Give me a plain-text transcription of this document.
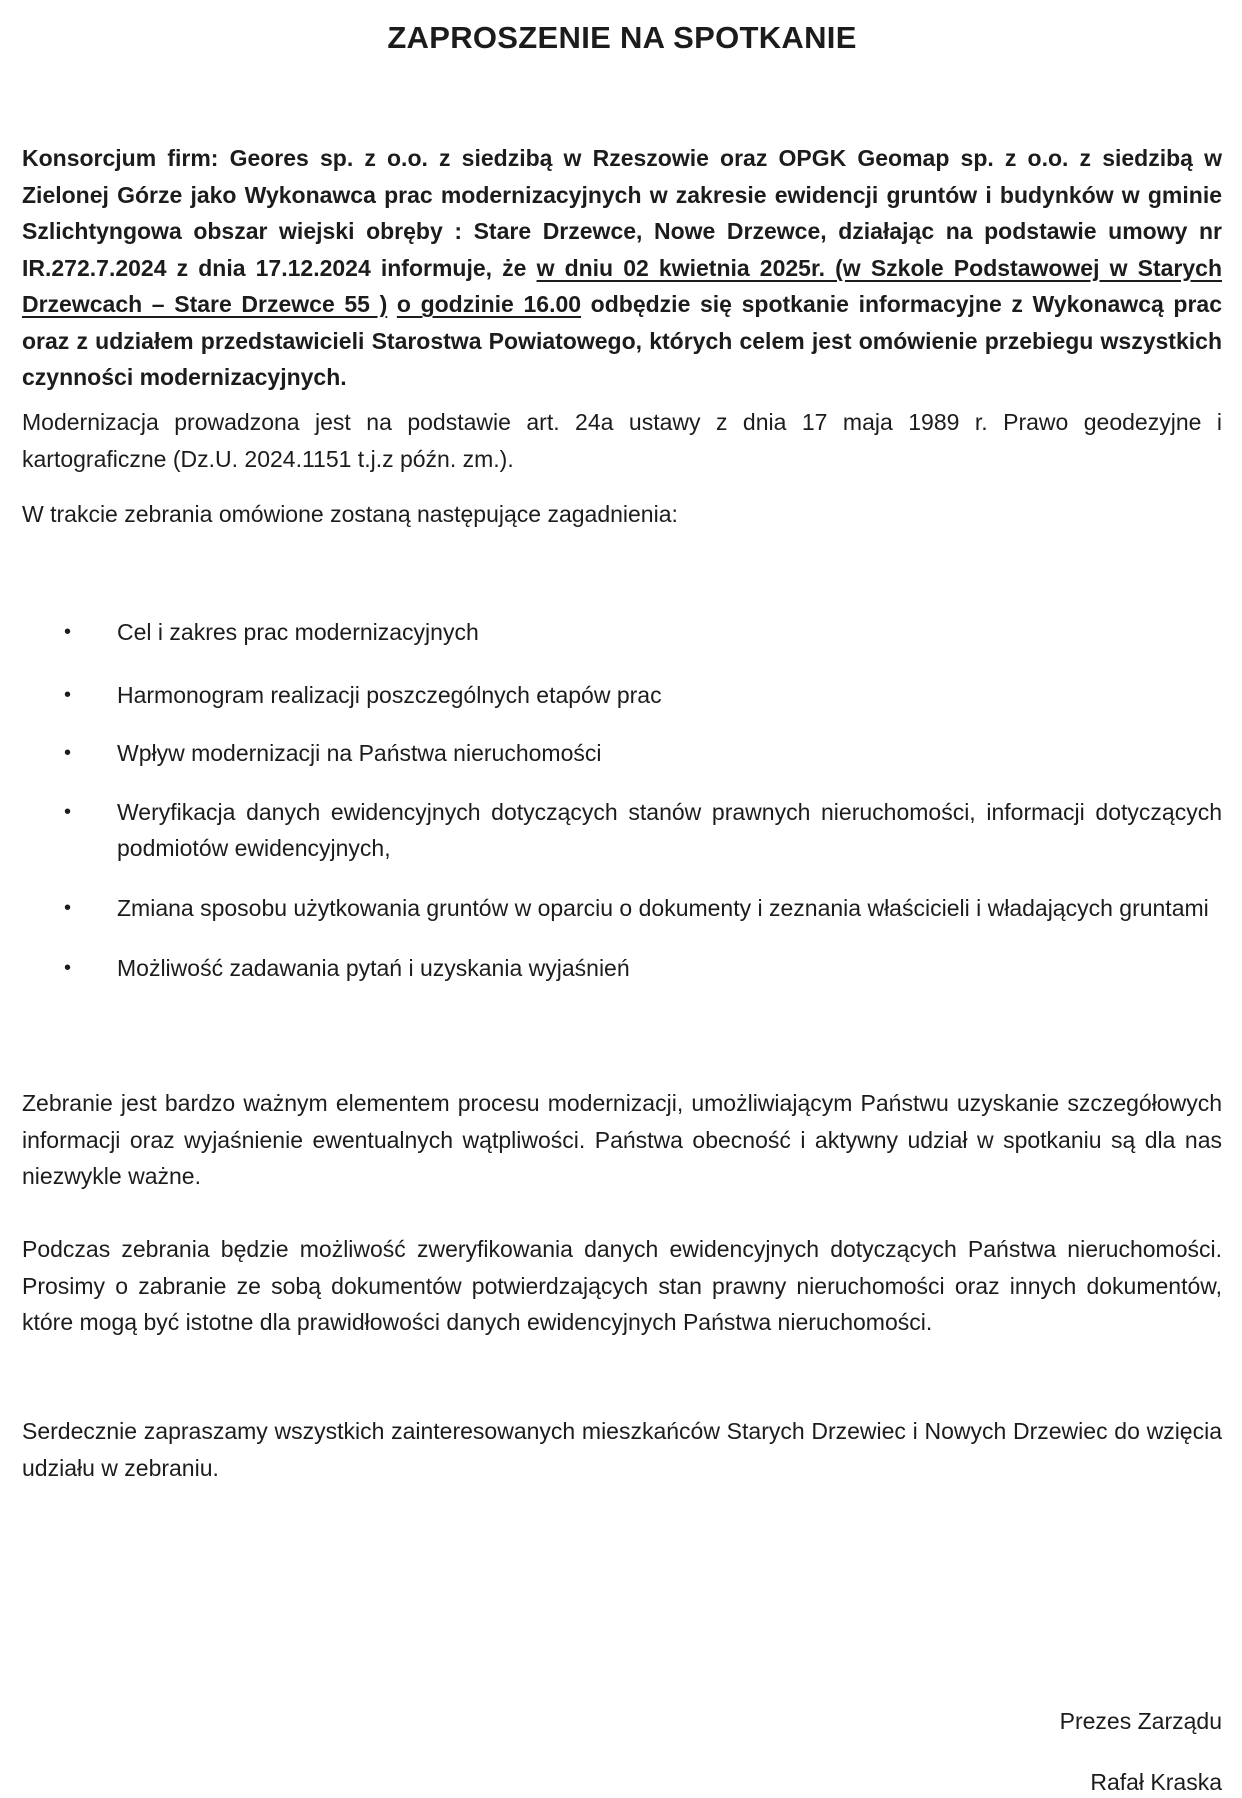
ZAPROSZENIE NA SPOTKANIE

Konsorcjum firm: Geores sp. z o.o. z siedzibą w Rzeszowie oraz OPGK Geomap sp. z o.o. z siedzibą w Zielonej Górze jako Wykonawca prac modernizacyjnych w zakresie ewidencji gruntów i budynków w gminie Szlichtyngowa obszar wiejski obręby : Stare Drzewce, Nowe Drzewce, działając na podstawie umowy nr IR.272.7.2024 z dnia 17.12.2024 informuje, że w dniu 02 kwietnia 2025r. (w Szkole Podstawowej w Starych Drzewcach – Stare Drzewce 55 ) o godzinie 16.00 odbędzie się spotkanie informacyjne z Wykonawcą prac oraz z udziałem przedstawicieli Starostwa Powiatowego, których celem jest omówienie przebiegu wszystkich czynności modernizacyjnych.

Modernizacja prowadzona jest na podstawie art. 24a ustawy z dnia 17 maja 1989 r. Prawo geodezyjne i kartograficzne (Dz.U. 2024.1151 t.j.z późn. zm.).

W trakcie zebrania omówione zostaną następujące zagadnienia:

• Cel i zakres prac modernizacyjnych
• Harmonogram realizacji poszczególnych etapów prac
• Wpływ modernizacji na Państwa nieruchomości
• Weryfikacja danych ewidencyjnych dotyczących stanów prawnych nieruchomości, informacji dotyczących podmiotów ewidencyjnych,
• Zmiana sposobu użytkowania gruntów w oparciu o dokumenty i zeznania właścicieli i władających gruntami
• Możliwość zadawania pytań i uzyskania wyjaśnień

Zebranie jest bardzo ważnym elementem procesu modernizacji, umożliwiającym Państwu uzyskanie szczegółowych informacji oraz wyjaśnienie ewentualnych wątpliwości. Państwa obecność i aktywny udział w spotkaniu są dla nas niezwykle ważne.

Podczas zebrania będzie możliwość zweryfikowania danych ewidencyjnych dotyczących Państwa nieruchomości. Prosimy o zabranie ze sobą dokumentów potwierdzających stan prawny nieruchomości oraz innych dokumentów, które mogą być istotne dla prawidłowości danych ewidencyjnych Państwa nieruchomości.

Serdecznie zapraszamy wszystkich zainteresowanych mieszkańców Starych Drzewiec i Nowych Drzewiec do wzięcia udziału w zebraniu.

Prezes Zarządu

Rafał Kraska
